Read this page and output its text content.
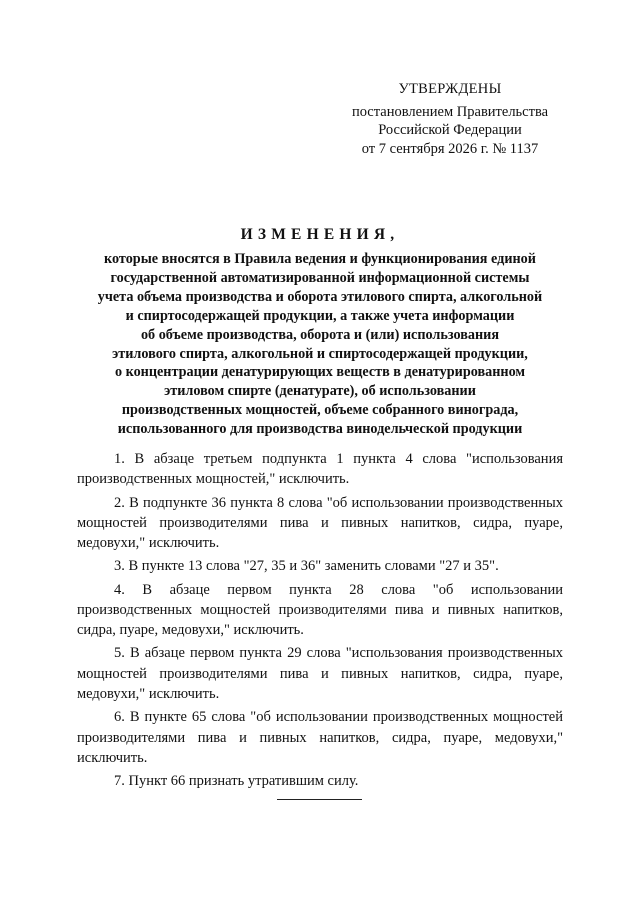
УТВЕРЖДЕНЫ
постановлением Правительства
Российской Федерации
от 7 сентября 2026 г. № 1137
ИЗМЕНЕНИЯ,
которые вносятся в Правила ведения и функционирования единой
государственной автоматизированной информационной системы
учета объема производства и оборота этилового спирта, алкогольной
и спиртосодержащей продукции, а также учета информации
об объеме производства, оборота и (или) использования
этилового спирта, алкогольной и спиртосодержащей продукции,
о концентрации денатурирующих веществ в денатурированном
этиловом спирте (денатурате), об использовании
производственных мощностей, объеме собранного винограда,
использованного для производства винодельческой продукции

1. В абзаце третьем подпункта 1 пункта 4 слова "использования производственных мощностей," исключить.

2. В подпункте 36 пункта 8 слова "об использовании производственных мощностей производителями пива и пивных напитков, сидра, пуаре, медовухи," исключить.

3. В пункте 13 слова "27, 35 и 36" заменить словами "27 и 35".

4. В абзаце первом пункта 28 слова "об использовании производственных мощностей производителями пива и пивных напитков, сидра, пуаре, медовухи," исключить.

5. В абзаце первом пункта 29 слова "использования производственных мощностей производителями пива и пивных напитков, сидра, пуаре, медовухи," исключить.

6. В пункте 65 слова "об использовании производственных мощностей производителями пива и пивных напитков, сидра, пуаре, медовухи," исключить.

7. Пункт 66 признать утратившим силу.
